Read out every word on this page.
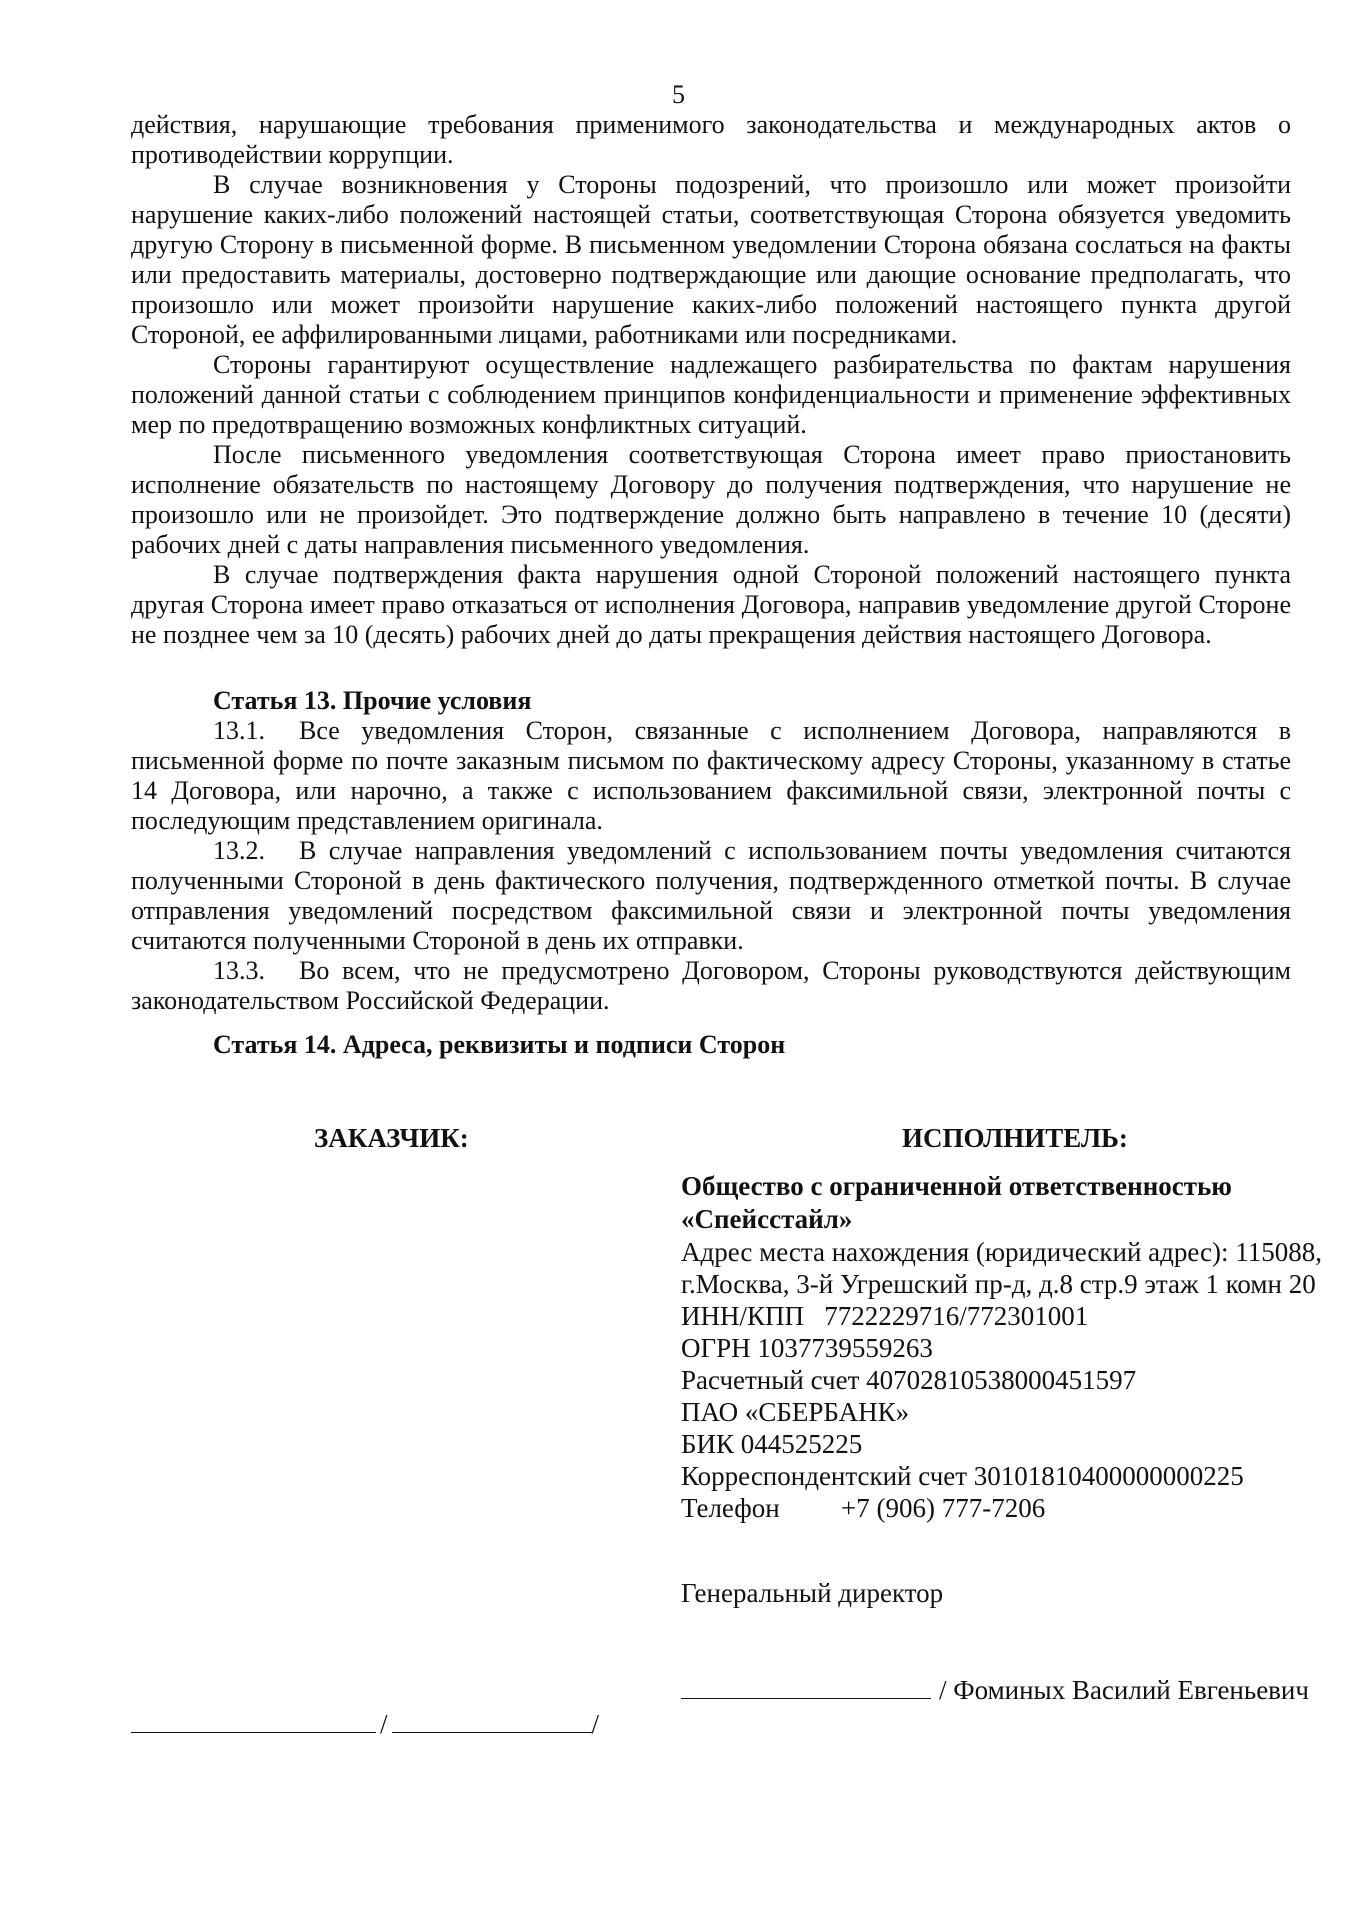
5

действия, нарушающие требования применимого законодательства и международных актов о противодействии коррупции.

В случае возникновения у Стороны подозрений, что произошло или может произойти нарушение каких-либо положений настоящей статьи, соответствующая Сторона обязуется уведомить другую Сторону в письменной форме. В письменном уведомлении Сторона обязана сослаться на факты или предоставить материалы, достоверно подтверждающие или дающие основание предполагать, что произошло или может произойти нарушение каких-либо положений настоящего пункта другой Стороной, ее аффилированными лицами, работниками или посредниками.

Стороны гарантируют осуществление надлежащего разбирательства по фактам нарушения положений данной статьи с соблюдением принципов конфиденциальности и применение эффективных мер по предотвращению возможных конфликтных ситуаций.

После письменного уведомления соответствующая Сторона имеет право приостановить исполнение обязательств по настоящему Договору до получения подтверждения, что нарушение не произошло или не произойдет. Это подтверждение должно быть направлено в течение 10 (десяти) рабочих дней с даты направления письменного уведомления.

В случае подтверждения факта нарушения одной Стороной положений настоящего пункта другая Сторона имеет право отказаться от исполнения Договора, направив уведомление другой Стороне не позднее чем за 10 (десять) рабочих дней до даты прекращения действия настоящего Договора.

Статья 13. Прочие условия

13.1. Все уведомления Сторон, связанные с исполнением Договора, направляются в письменной форме по почте заказным письмом по фактическому адресу Стороны, указанному в статье 14 Договора, или нарочно, а также с использованием факсимильной связи, электронной почты с последующим представлением оригинала.

13.2. В случае направления уведомлений с использованием почты уведомления считаются полученными Стороной в день фактического получения, подтвержденного отметкой почты. В случае отправления уведомлений посредством факсимильной связи и электронной почты уведомления считаются полученными Стороной в день их отправки.

13.3. Во всем, что не предусмотрено Договором, Стороны руководствуются действующим законодательством Российской Федерации.

Статья 14. Адреса, реквизиты и подписи Сторон
ЗАКАЗЧИК:	ИСПОЛНИТЕЛЬ:
Общество с ограниченной ответственностью
«Спейсстайл»
Адрес места нахождения (юридический адрес): 115088,
г.Москва, 3-й Угрешский пр-д, д.8 стр.9 этаж 1 комн 20
ИНН/КПП   7722229716/772301001
ОГРН 1037739559263
Расчетный счет 40702810538000451597
ПАО «СБЕРБАНК»
БИК 044525225
Корреспондентский счет 30101810400000000225
Телефон +7 (906) 777-7206
Генеральный директор
/ Фоминых Василий Евгеньевич
/	/
